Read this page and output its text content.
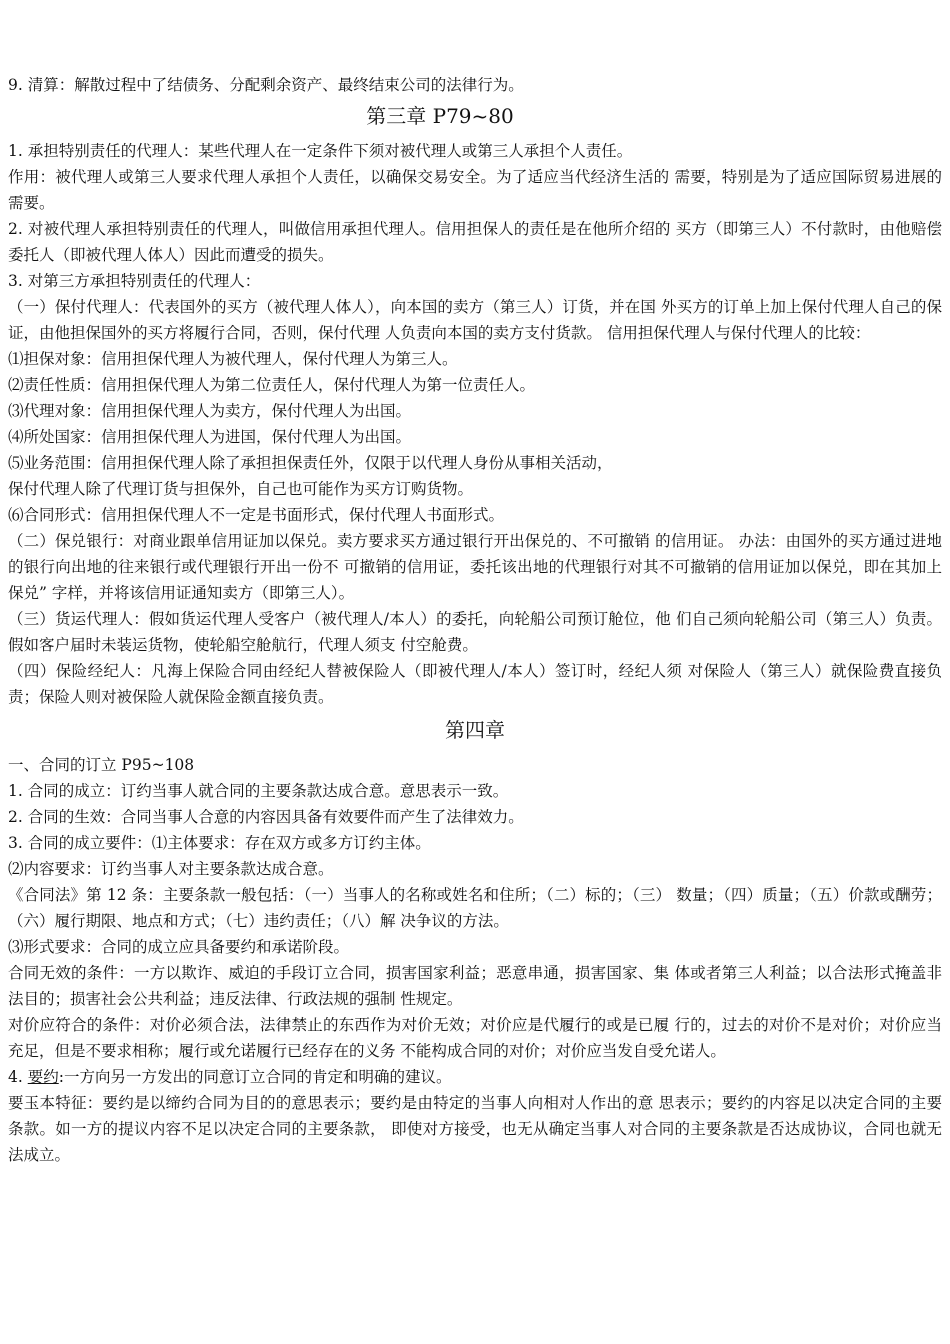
9. 清算：解散过程中了结债务、分配剩余资产、最终结束公司的法律行为。

第三章 P79~80

1. 承担特别责任的代理人：某些代理人在一定条件下须对被代理人或第三人承担个人责任。

作用：被代理人或第三人要求代理人承担个人责任，以确保交易安全。为了适应当代经济生活的 需要，特别是为了适应国际贸易进展的需要。

2. 对被代理人承担特别责任的代理人，叫做信用承担代理人。信用担保人的责任是在他所介绍的 买方（即第三人）不付款时，由他赔偿委托人（即被代理人体人）因此而遭受的损失。

3. 对第三方承担特别责任的代理人：

（一）保付代理人：代表国外的买方（被代理人体人），向本国的卖方（第三人）订货，并在国 外买方的订单上加上保付代理人自己的保证，由他担保国外的买方将履行合同，否则，保付代理 人负责向本国的卖方支付货款。 信用担保代理人与保付代理人的比较：

⑴担保对象：信用担保代理人为被代理人，保付代理人为第三人。

⑵责任性质：信用担保代理人为第二位责任人，保付代理人为第一位责任人。

⑶代理对象：信用担保代理人为卖方，保付代理人为出国。

⑷所处国家：信用担保代理人为进国，保付代理人为出国。

⑸业务范围：信用担保代理人除了承担担保责任外，仅限于以代理人身份从事相关活动，

保付代理人除了代理订货与担保外，自己也可能作为买方订购货物。

⑹合同形式：信用担保代理人不一定是书面形式，保付代理人书面形式。

（二）保兑银行：对商业跟单信用证加以保兑。卖方要求买方通过银行开出保兑的、不可撤销 的信用证。 办法：由国外的买方通过进地的银行向出地的往来银行或代理银行开出一份不 可撤销的信用证，委托该出地的代理银行对其不可撤销的信用证加以保兑，即在其加上保兑” 字样，并将该信用证通知卖方（即第三人）。

（三）货运代理人：假如货运代理人受客户（被代理人/本人）的委托，向轮船公司预订舱位，他 们自己须向轮船公司（第三人）负责。假如客户届时未装运货物，使轮船空舱航行，代理人须支 付空舱费。

（四）保险经纪人：凡海上保险合同由经纪人替被保险人（即被代理人/本人）签订时，经纪人须 对保险人（第三人）就保险费直接负责；保险人则对被保险人就保险金额直接负责。

第四章

一、合同的订立 P95~108

1. 合同的成立：订约当事人就合同的主要条款达成合意。意思表示一致。

2. 合同的生效：合同当事人合意的内容因具备有效要件而产生了法律效力。

3. 合同的成立要件：⑴主体要求：存在双方或多方订约主体。

⑵内容要求：订约当事人对主要条款达成合意。

《合同法》第 12 条：主要条款一般包括：（一）当事人的名称或姓名和住所；（二）标的；（三） 数量；（四）质量；（五）价款或酬劳；（六）履行期限、地点和方式；（七）违约责任；（八）解 决争议的方法。

⑶形式要求：合同的成立应具备要约和承诺阶段。

合同无效的条件：一方以欺诈、威迫的手段订立合同，损害国家利益；恶意串通，损害国家、集 体或者第三人利益；以合法形式掩盖非法目的；损害社会公共利益；违反法律、行政法规的强制 性规定。

对价应符合的条件：对价必须合法，法律禁止的东西作为对价无效；对价应是代履行的或是已履 行的，过去的对价不是对价；对价应当充足，但是不要求相称；履行或允诺履行已经存在的义务 不能构成合同的对价；对价应当发自受允诺人。

4. 要约:一方向另一方发出的同意订立合同的肯定和明确的建议。

要玉本特征：要约是以缔约合同为目的的意思表示；要约是由特定的当事人向相对人作出的意 思表示；要约的内容足以决定合同的主要条款。如一方的提议内容不足以决定合同的主要条款， 即使对方接受，也无从确定当事人对合同的主要条款是否达成协议，合同也就无法成立。
